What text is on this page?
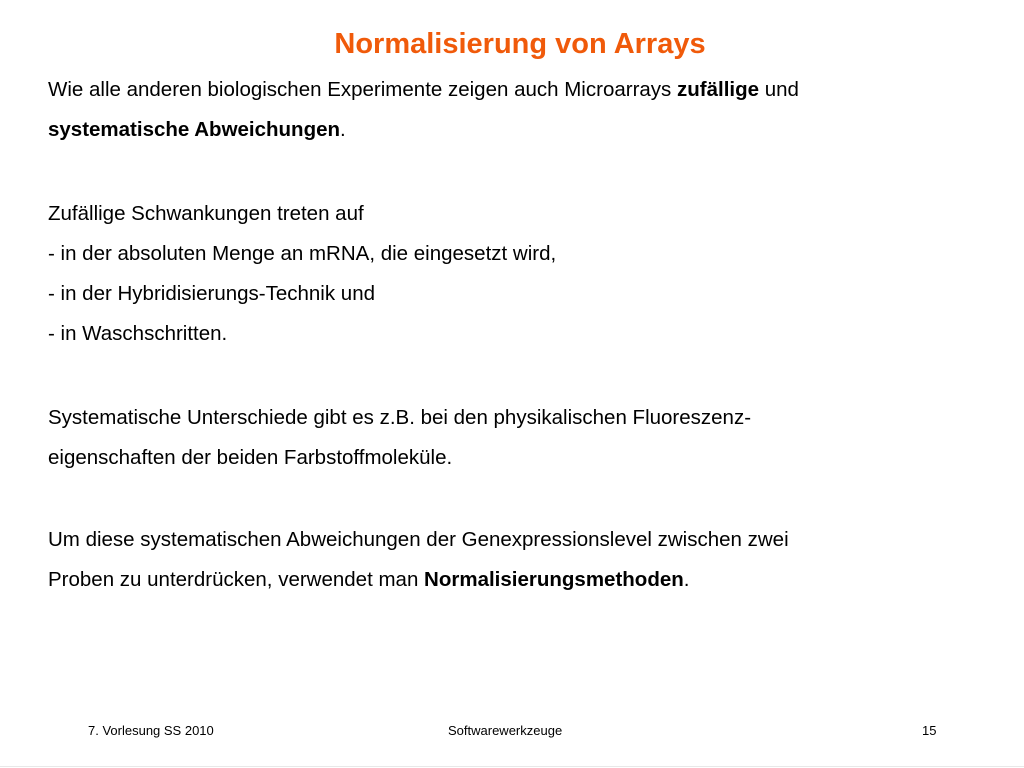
Normalisierung von Arrays

Wie alle anderen biologischen Experimente zeigen auch Microarrays zufällige und
systematische Abweichungen.

Zufällige Schwankungen treten auf
- in der absoluten Menge an mRNA, die eingesetzt wird,
- in der Hybridisierungs-Technik und
- in Waschschritten.

Systematische Unterschiede gibt es z.B. bei den physikalischen Fluoreszenz-
eigenschaften der beiden Farbstoffmoleküle.

Um diese systematischen Abweichungen der Genexpressionslevel zwischen zwei
Proben zu unterdrücken, verwendet man Normalisierungsmethoden.

7. Vorlesung SS 2010	Softwarewerkzeuge	15
